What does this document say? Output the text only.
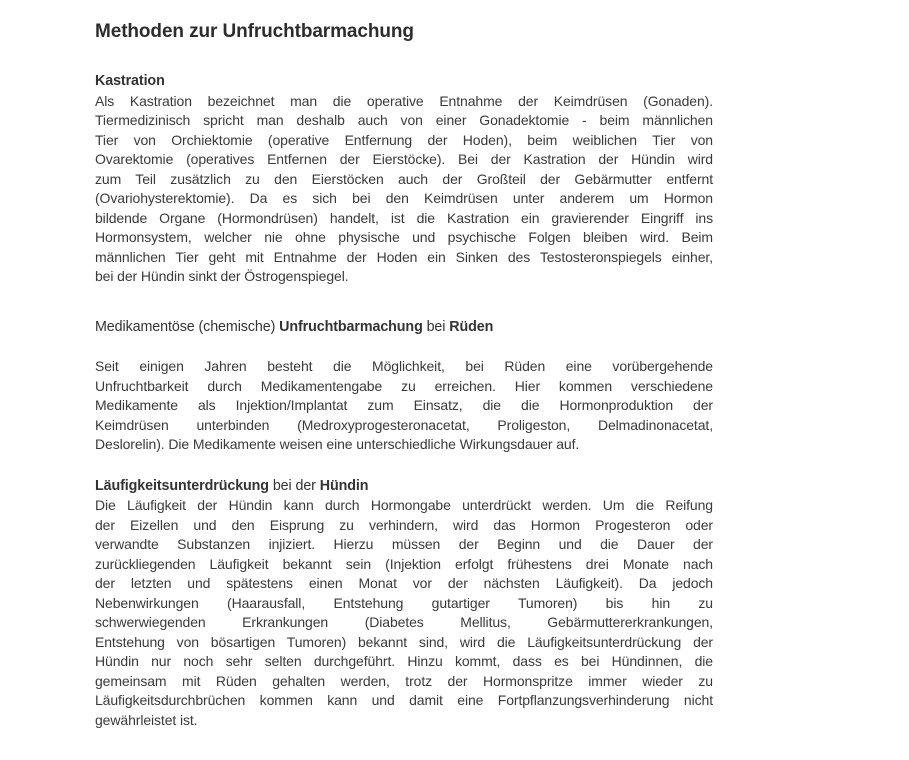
Methoden zur Unfruchtbarmachung
Kastration
Als Kastration bezeichnet man die operative Entnahme der Keimdrüsen (Gonaden).
Tiermedizinisch spricht man deshalb auch von einer Gonadektomie - beim männlichen
Tier von Orchiektomie (operative Entfernung der Hoden), beim weiblichen Tier von
Ovarektomie (operatives Entfernen der Eierstöcke). Bei der Kastration der Hündin wird
zum Teil zusätzlich zu den Eierstöcken auch der Großteil der Gebärmutter entfernt
(Ovariohysterektomie). Da es sich bei den Keimdrüsen unter anderem um Hormon
bildende Organe (Hormondrüsen) handelt, ist die Kastration ein gravierender Eingriff ins
Hormonsystem, welcher nie ohne physische und psychische Folgen bleiben wird. Beim
männlichen Tier geht mit Entnahme der Hoden ein Sinken des Testosteronspiegels einher,
bei der Hündin sinkt der Östrogenspiegel.
Medikamentöse (chemische) Unfruchtbarmachung bei Rüden
Seit einigen Jahren besteht die Möglichkeit, bei Rüden eine vorübergehende
Unfruchtbarkeit durch Medikamentengabe zu erreichen. Hier kommen verschiedene
Medikamente als Injektion/Implantat zum Einsatz, die die Hormonproduktion der
Keimdrüsen unterbinden (Medroxyprogesteronacetat, Proligeston, Delmadinonacetat,
Deslorelin). Die Medikamente weisen eine unterschiedliche Wirkungsdauer auf.
Läufigkeitsunterdrückung bei der Hündin
Die Läufigkeit der Hündin kann durch Hormongabe unterdrückt werden. Um die Reifung
der Eizellen und den Eisprung zu verhindern, wird das Hormon Progesteron oder
verwandte Substanzen injiziert. Hierzu müssen der Beginn und die Dauer der
zurückliegenden Läufigkeit bekannt sein (Injektion erfolgt frühestens drei Monate nach
der letzten und spätestens einen Monat vor der nächsten Läufigkeit). Da jedoch
Nebenwirkungen (Haarausfall, Entstehung gutartiger Tumoren) bis hin zu
schwerwiegenden Erkrankungen (Diabetes Mellitus, Gebärmuttererkrankungen,
Entstehung von bösartigen Tumoren) bekannt sind, wird die Läufigkeitsunterdrückung der
Hündin nur noch sehr selten durchgeführt. Hinzu kommt, dass es bei Hündinnen, die
gemeinsam mit Rüden gehalten werden, trotz der Hormonspritze immer wieder zu
Läufigkeitsdurchbrüchen kommen kann und damit eine Fortpflanzungsverhinderung nicht
gewährleistet ist.
